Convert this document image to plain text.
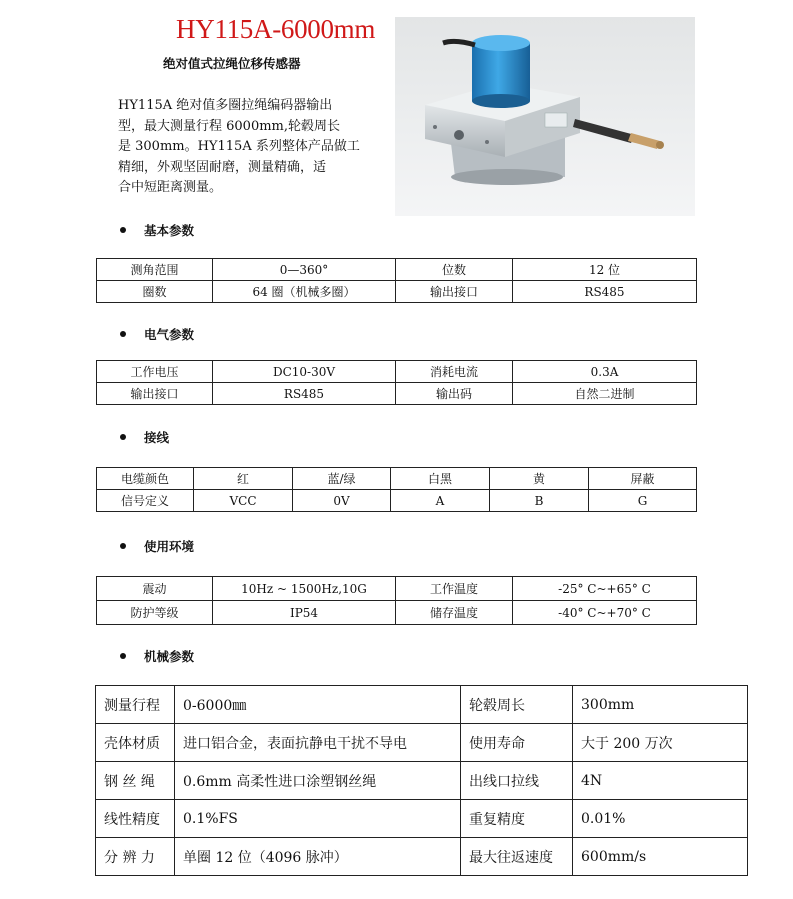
HY115A-6000mm
绝对值式拉绳位移传感器
HY115A 绝对值多圈拉绳编码器输出
型，最大测量行程 6000mm,轮毂周长
是 300mm。HY115A 系列整体产品做工
精细，外观坚固耐磨，测量精确，适
合中短距离测量。
基本参数
测角范围	0—360°	位数	12 位
圈数	64 圈（机械多圈）	输出接口	RS485
电气参数
工作电压	DC10-30V	消耗电流	0.3A
输出接口	RS485	输出码	自然二进制
接线
电缆颜色	红	蓝/绿	白黑	黄	屏蔽
信号定义	VCC	0V	A	B	G
使用环境
震动	10Hz ~ 1500Hz,10G	工作温度	-25° C~+65° C
防护等级	IP54	储存温度	-40° C~+70° C
机械参数
测量行程	0-6000㎜	轮毂周长	300mm
壳体材质	进口铝合金，表面抗静电干扰不导电	使用寿命	大于 200 万次
钢 丝 绳	0.6mm 高柔性进口涂塑钢丝绳	出线口拉线	4N
线性精度	0.1%FS	重复精度	0.01%
分 辨 力	单圈 12 位（4096 脉冲）	最大往返速度	600mm/s
